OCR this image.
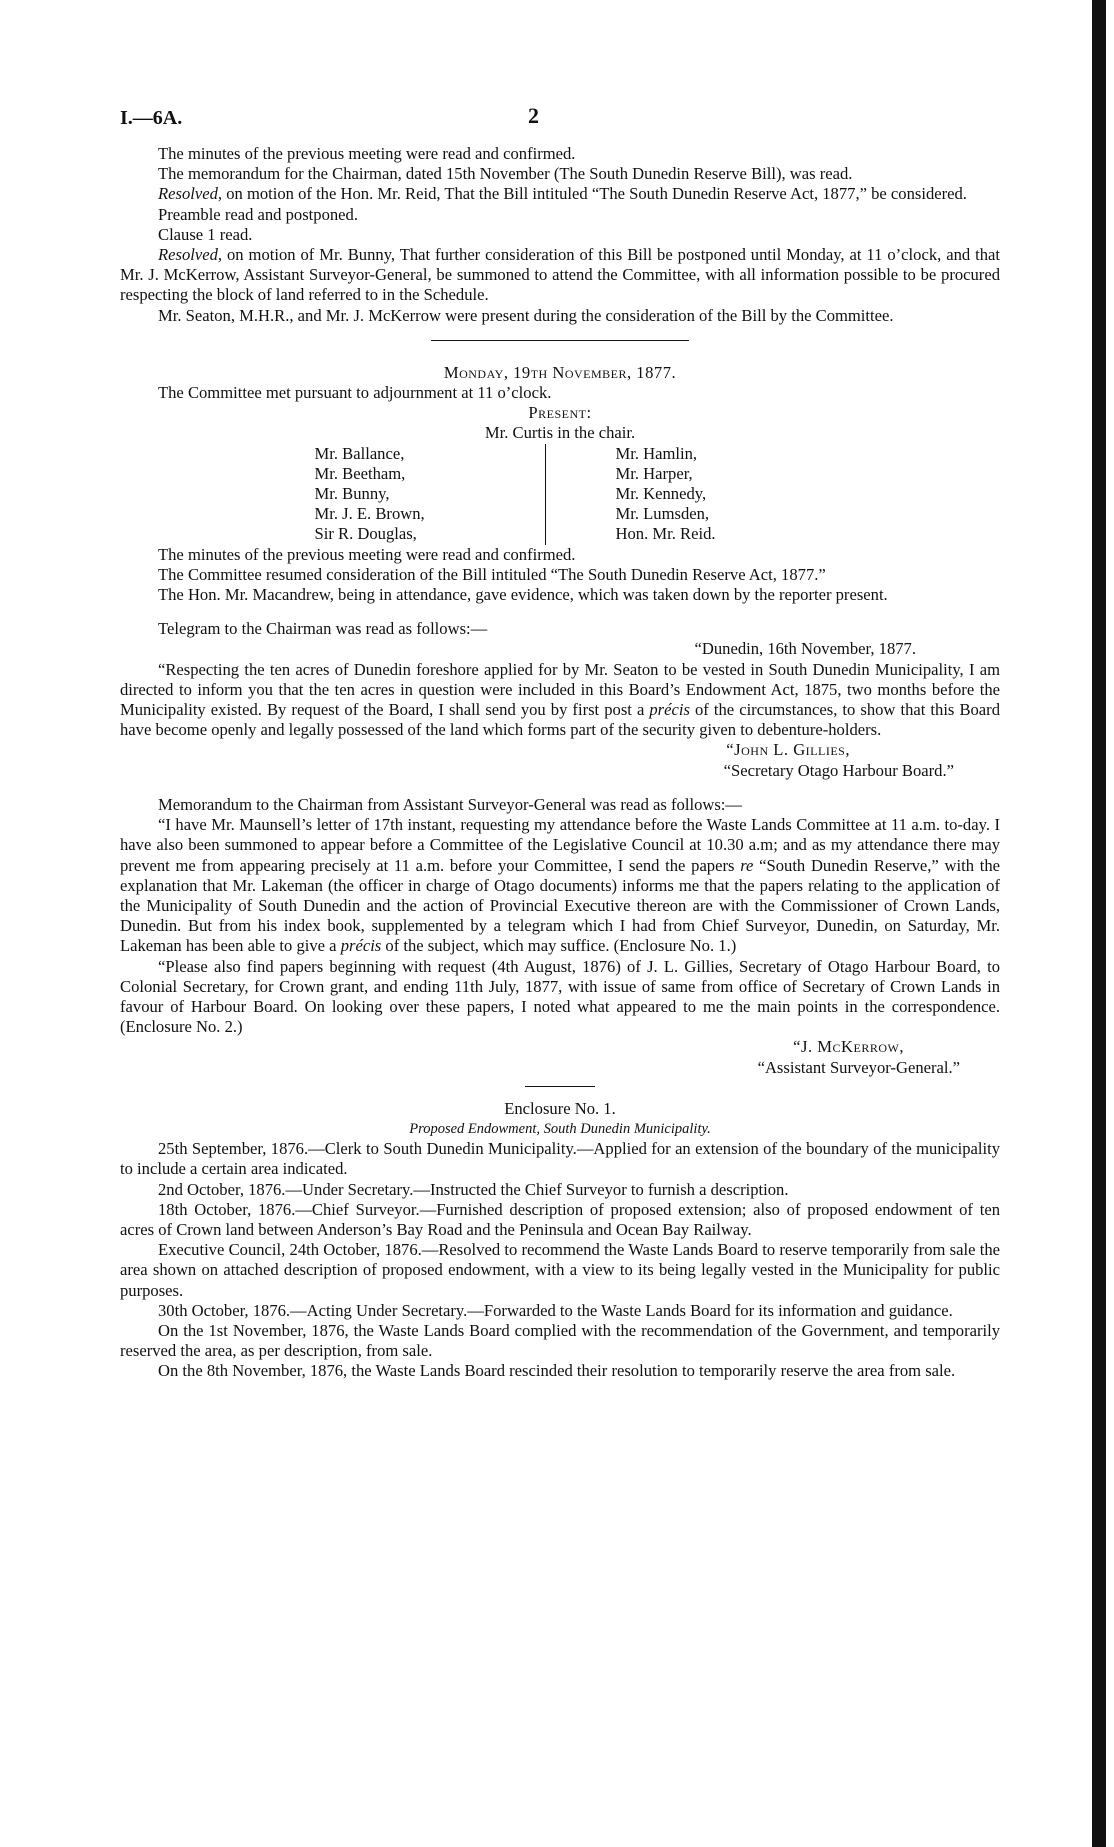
I.—6A.	2

The minutes of the previous meeting were read and confirmed.

The memorandum for the Chairman, dated 15th November (The South Dunedin Reserve Bill), was read.

Resolved, on motion of the Hon. Mr. Reid, That the Bill intituled “The South Dunedin Reserve Act, 1877,” be considered.

Preamble read and postponed.

Clause 1 read.

Resolved, on motion of Mr. Bunny, That further consideration of this Bill be postponed until Monday, at 11 o’clock, and that Mr. J. McKerrow, Assistant Surveyor-General, be summoned to attend the Committee, with all information possible to be procured respecting the block of land referred to in the Schedule.

Mr. Seaton, M.H.R., and Mr. J. McKerrow were present during the consideration of the Bill by the Committee.

Monday, 19th November, 1877.

The Committee met pursuant to adjournment at 11 o’clock.

Present:

Mr. Curtis in the chair.

Mr. Ballance,
Mr. Beetham,
Mr. Bunny,
Mr. J. E. Brown,
Sir R. Douglas,
Mr. Hamlin,
Mr. Harper,
Mr. Kennedy,
Mr. Lumsden,
Hon. Mr. Reid.

The minutes of the previous meeting were read and confirmed.

The Committee resumed consideration of the Bill intituled “The South Dunedin Reserve Act, 1877.”

The Hon. Mr. Macandrew, being in attendance, gave evidence, which was taken down by the reporter present.

Telegram to the Chairman was read as follows:—

“Dunedin, 16th November, 1877.

“Respecting the ten acres of Dunedin foreshore applied for by Mr. Seaton to be vested in South Dunedin Municipality, I am directed to inform you that the ten acres in question were included in this Board’s Endowment Act, 1875, two months before the Municipality existed. By request of the Board, I shall send you by first post a précis of the circumstances, to show that this Board have become openly and legally possessed of the land which forms part of the security given to debenture-holders.

“John L. Gillies,

“Secretary Otago Harbour Board.”

Memorandum to the Chairman from Assistant Surveyor-General was read as follows:—

“I have Mr. Maunsell’s letter of 17th instant, requesting my attendance before the Waste Lands Committee at 11 a.m. to-day. I have also been summoned to appear before a Committee of the Legislative Council at 10.30 a.m; and as my attendance there may prevent me from appearing precisely at 11 a.m. before your Committee, I send the papers re “South Dunedin Reserve,” with the explanation that Mr. Lakeman (the officer in charge of Otago documents) informs me that the papers relating to the application of the Municipality of South Dunedin and the action of Provincial Executive thereon are with the Commissioner of Crown Lands, Dunedin. But from his index book, supplemented by a telegram which I had from Chief Surveyor, Dunedin, on Saturday, Mr. Lakeman has been able to give a précis of the subject, which may suffice. (Enclosure No. 1.)

“Please also find papers beginning with request (4th August, 1876) of J. L. Gillies, Secretary of Otago Harbour Board, to Colonial Secretary, for Crown grant, and ending 11th July, 1877, with issue of same from office of Secretary of Crown Lands in favour of Harbour Board. On looking over these papers, I noted what appeared to me the main points in the correspondence. (Enclosure No. 2.)

“J. McKerrow,

“Assistant Surveyor-General.”

Enclosure No. 1.

Proposed Endowment, South Dunedin Municipality.

25th September, 1876.—Clerk to South Dunedin Municipality.—Applied for an extension of the boundary of the municipality to include a certain area indicated.

2nd October, 1876.—Under Secretary.—Instructed the Chief Surveyor to furnish a description.

18th October, 1876.—Chief Surveyor.—Furnished description of proposed extension; also of proposed endowment of ten acres of Crown land between Anderson’s Bay Road and the Peninsula and Ocean Bay Railway.

Executive Council, 24th October, 1876.—Resolved to recommend the Waste Lands Board to reserve temporarily from sale the area shown on attached description of proposed endowment, with a view to its being legally vested in the Municipality for public purposes.

30th October, 1876.—Acting Under Secretary.—Forwarded to the Waste Lands Board for its information and guidance.

On the 1st November, 1876, the Waste Lands Board complied with the recommendation of the Government, and temporarily reserved the area, as per description, from sale.

On the 8th November, 1876, the Waste Lands Board rescinded their resolution to temporarily reserve the area from sale.
